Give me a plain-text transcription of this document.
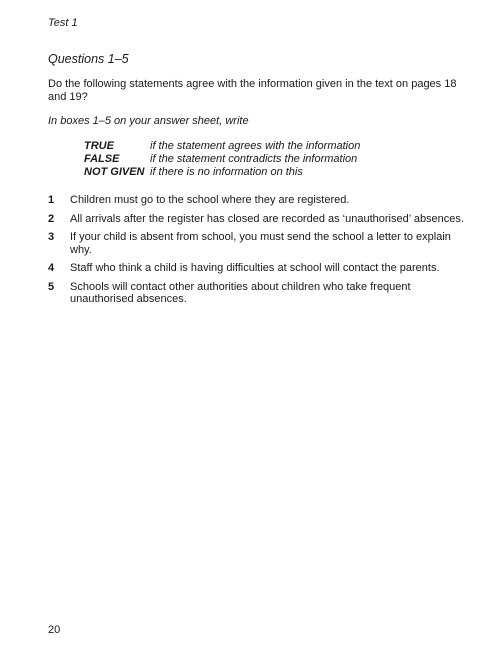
Test 1
Questions 1–5
Do the following statements agree with the information given in the text on pages 18 and 19?
In boxes 1–5 on your answer sheet, write
TRUE	if the statement agrees with the information
FALSE	if the statement contradicts the information
NOT GIVEN if there is no information on this
1	Children must go to the school where they are registered.
2	All arrivals after the register has closed are recorded as ‘unauthorised’ absences.
3	If your child is absent from school, you must send the school a letter to explain why.
4	Staff who think a child is having difficulties at school will contact the parents.
5	Schools will contact other authorities about children who take frequent unauthorised absences.
20
